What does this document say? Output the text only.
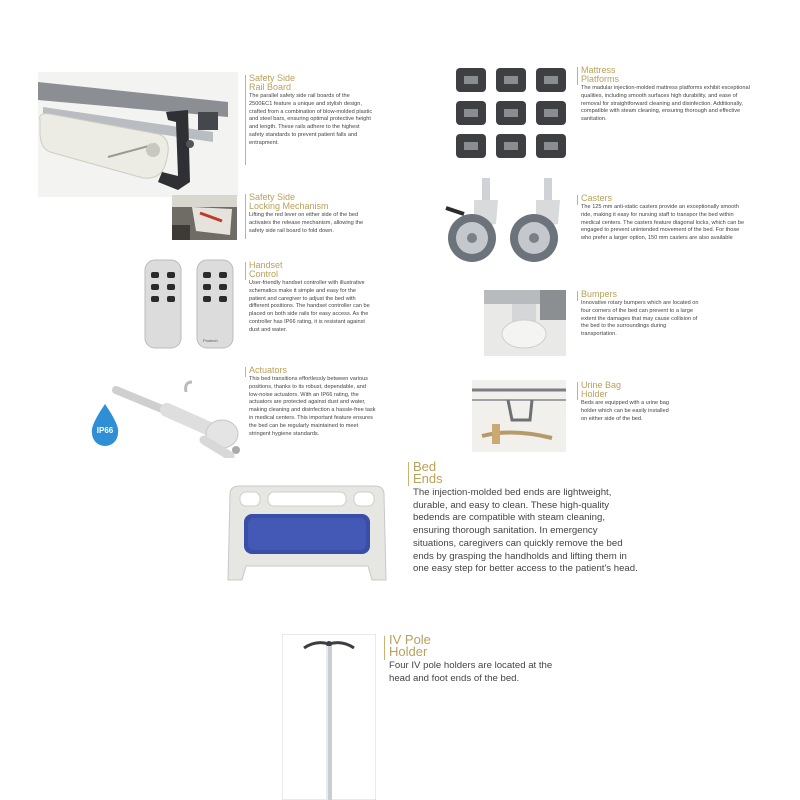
Safety Side
Rail Board
The parallel safety side rail boards of the 2500EC1 feature a unique and stylish design, crafted from a combination of blow-molded plastic and steel bars, ensuring optimal protective height and length. These rails adhere to the highest safety standards to prevent patient falls and entrapment.
Safety Side
Locking Mechanism
Lifting the red lever on either side of the bed activates the release mechanism, allowing the safety side rail board to fold down.
Poutech
Handset
Control
User-friendly handset controller with illustrative schematics make it simple and easy for the patient and caregiver to adjust the bed with different positions. The handset controller can be placed on both side rails for easy access. As the controller has IP66 rating, it is resistant against dust and water.
IP66
Actuators
This bed transitions effortlessly between various positions, thanks to its robust, dependable, and low-noise actuators. With an IP66 rating, the actuators are protected against dust and water, making cleaning and disinfection a hassle-free task in medical centers. This important feature ensures the bed can be regularly maintained to meet stringent hygiene standards.
Mattress
Platforms
The madular injection-molded mattress platforms exhibit exceptional qualities, including smooth surfaces high durability, and ease of removal for straightforward cleaning and disinfection. Additionally, compatible with steam cleaning, ensuring thorough and effective sanitation.
Casters
The 125 mm anti-static casters provide an exceptionally smooth ride, making it easy for nursing staff to transpor the bed within medical centers. The casters feature diagonal locks, which can be engaged to prevent unintended movement of the bed. For those who prefer a larger option, 150 mm casters are also available
Bumpers
Innovative rotary bumpers which are located on four corners of the bed can prevent to a large extent the damages that may cause collision of the bed to the surroundings during transportation.
Urine Bag
Holder
Beds are equipped with a urine bag holder which can be easily installed on either side of the bed.
Bed
Ends
The injection-molded bed ends are lightweight, durable, and easy to clean. These high-quality bedends are compatible with steam cleaning, ensuring thorough sanitation. In emergency situations, caregivers can quickly remove the bed ends by grasping the handholds and lifting them in one easy step for better access to the patient's head.
IV Pole
Holder
Four IV pole holders are located at the head and foot ends of the bed.
